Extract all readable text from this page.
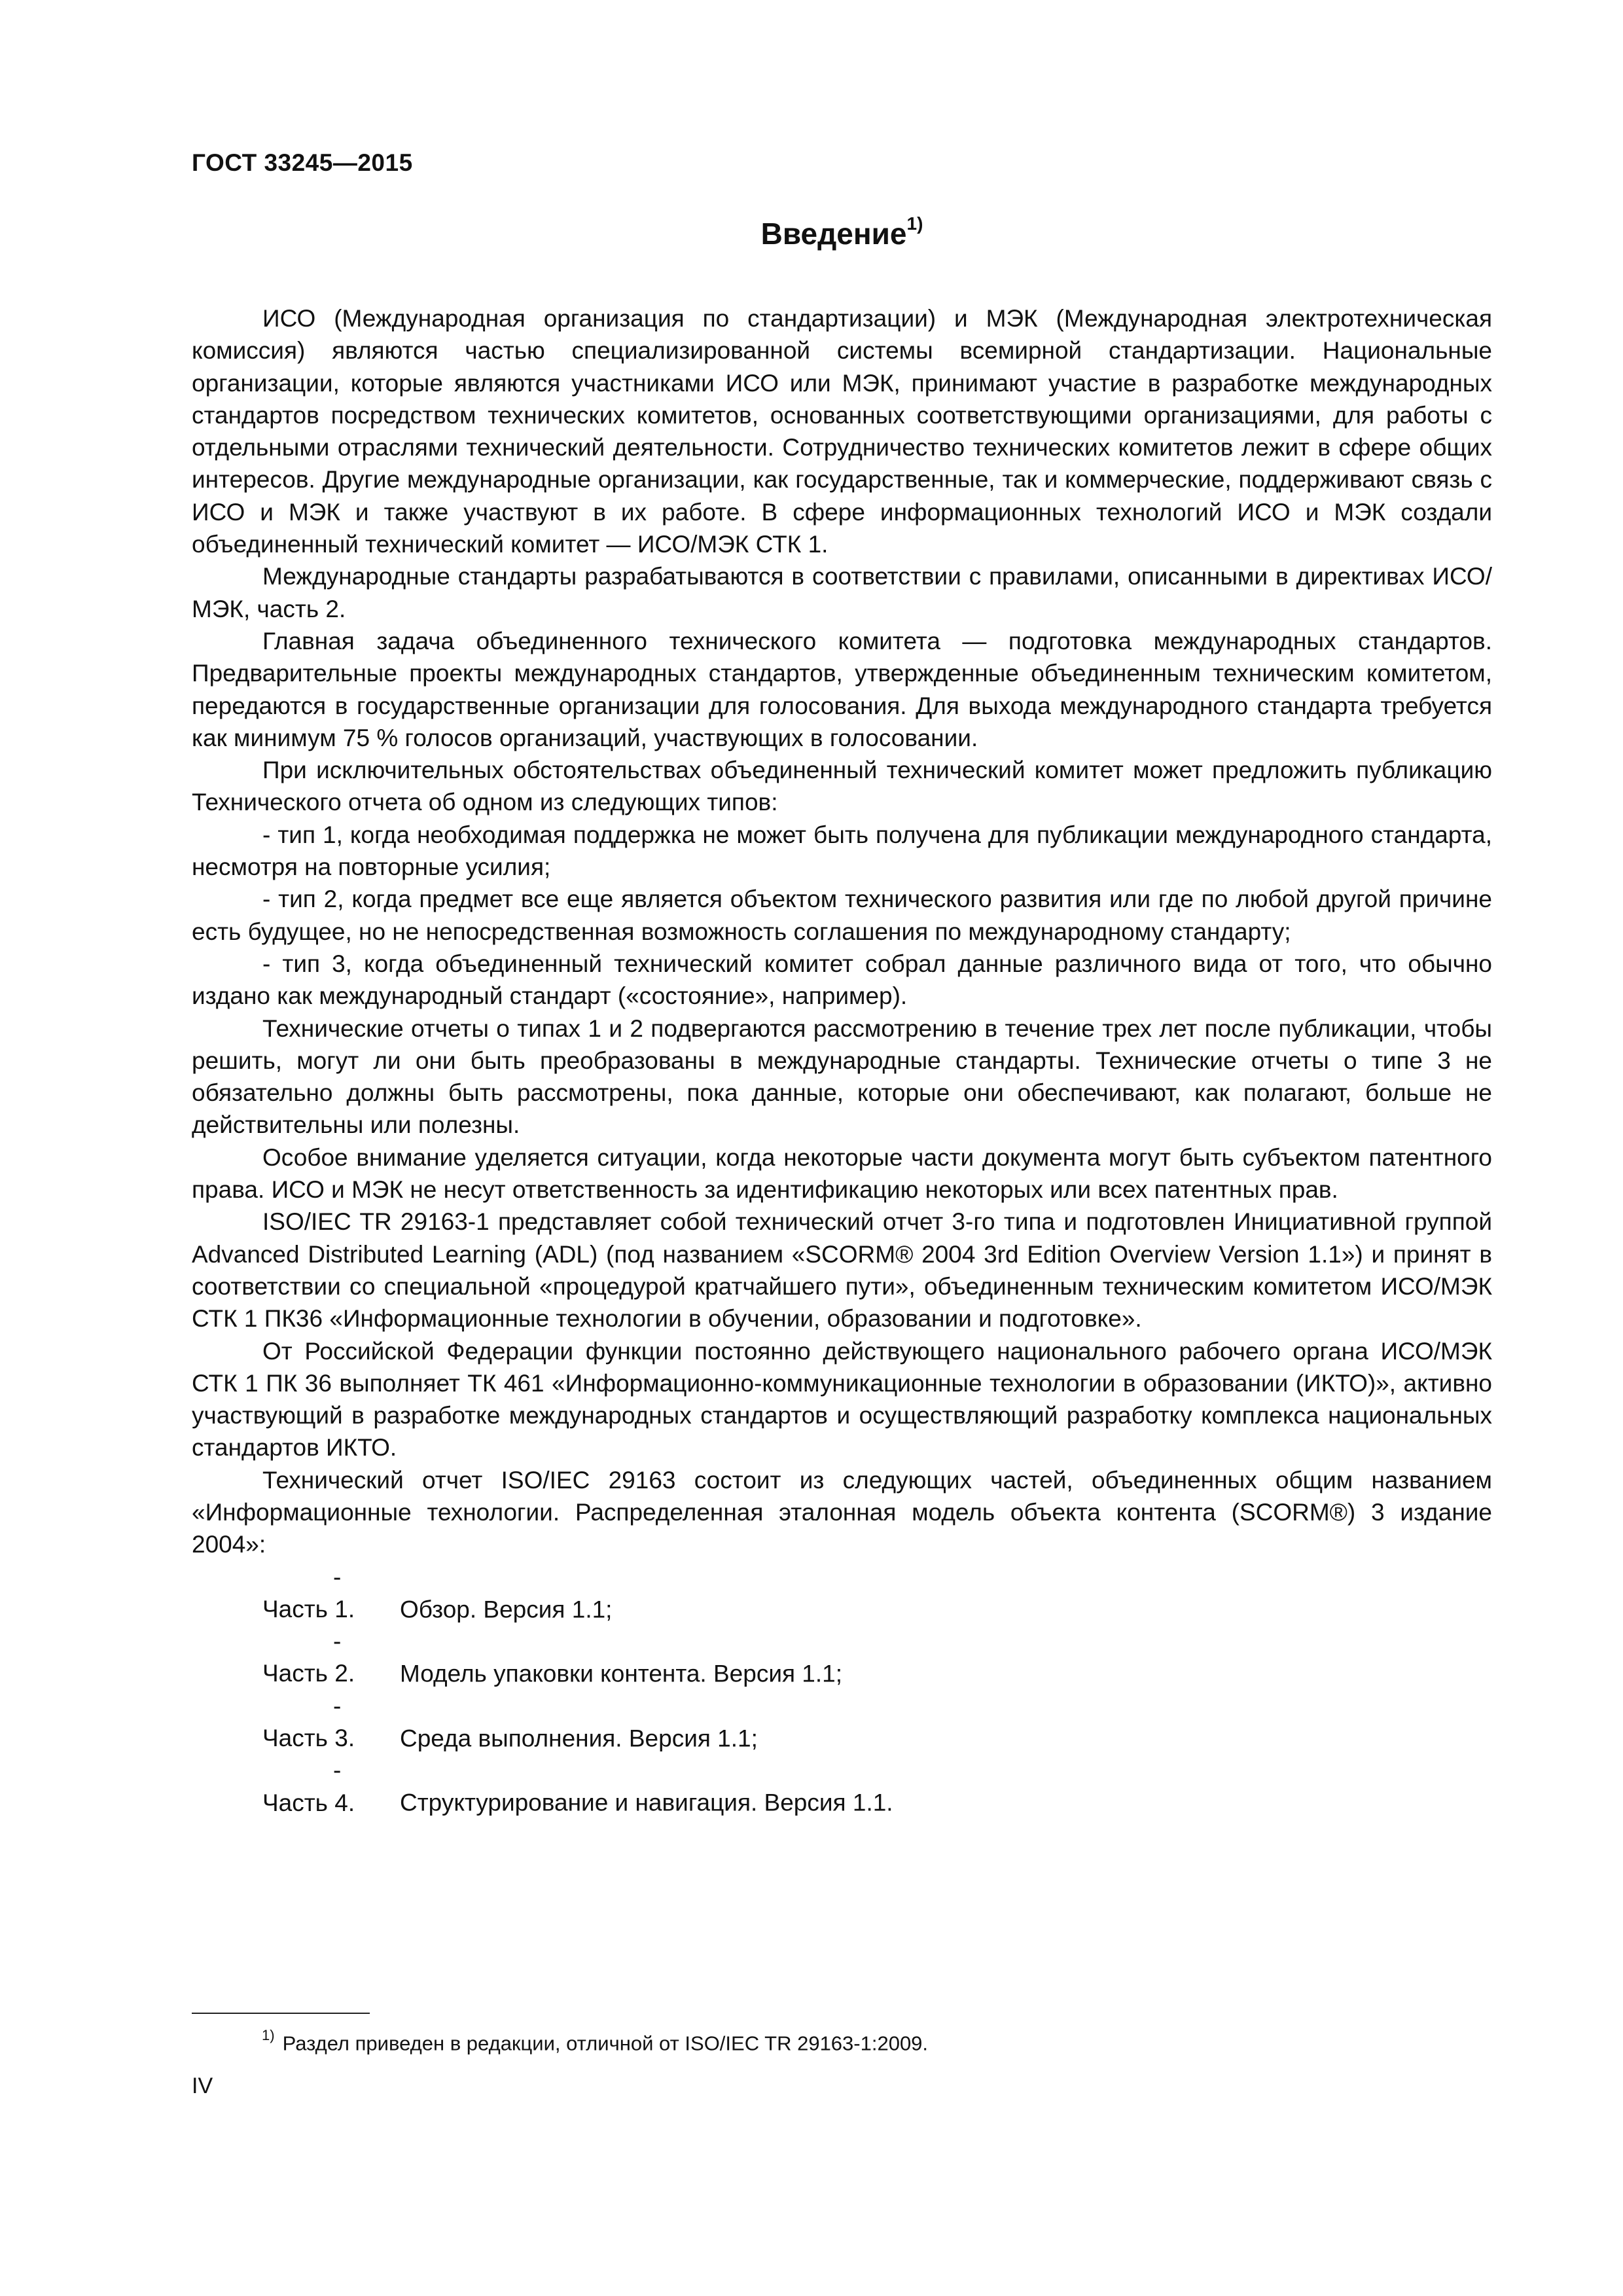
ГОСТ 33245—2015
Введение$^{1)}$

ИСО (Международная организация по стандартизации) и МЭК (Международная электротехническая комиссия) являются частью специализированной системы всемирной стандартизации. Национальные организации, которые являются участниками ИСО или МЭК, принимают участие в разработке международных стандартов посредством технических комитетов, основанных соответствующими организациями, для работы с отдельными отраслями технический деятельности. Сотрудничество технических комитетов лежит в сфере общих интересов. Другие международные организации, как государственные, так и коммерческие, поддерживают связь с ИСО и МЭК и также участвуют в их работе. В сфере информационных технологий ИСО и МЭК создали объединенный технический комитет — ИСО/МЭК СТК 1.

Международные стандарты разрабатываются в соответствии с правилами, описанными в директивах ИСО/МЭК, часть 2.

Главная задача объединенного технического комитета — подготовка международных стандартов. Предварительные проекты международных стандартов, утвержденные объединенным техническим комитетом, передаются в государственные организации для голосования. Для выхода международного стандарта требуется как минимум 75 % голосов организаций, участвующих в голосовании.

При исключительных обстоятельствах объединенный технический комитет может предложить публикацию Технического отчета об одном из следующих типов:

- тип 1, когда необходимая поддержка не может быть получена для публикации международного стандарта, несмотря на повторные усилия;

- тип 2, когда предмет все еще является объектом технического развития или где по любой другой причине есть будущее, но не непосредственная возможность соглашения по международному стандарту;

- тип 3, когда объединенный технический комитет собрал данные различного вида от того, что обычно издано как международный стандарт («состояние», например).

Технические отчеты о типах 1 и 2 подвергаются рассмотрению в течение трех лет после публикации, чтобы решить, могут ли они быть преобразованы в международные стандарты. Технические отчеты о типе 3 не обязательно должны быть рассмотрены, пока данные, которые они обеспечивают, как полагают, больше не действительны или полезны.

Особое внимание уделяется ситуации, когда некоторые части документа могут быть субъектом патентного права. ИСО и МЭК не несут ответственность за идентификацию некоторых или всех патентных прав.

ISO/IEC TR 29163-1 представляет собой технический отчет 3-го типа и подготовлен Инициативной группой Advanced Distributed Learning (ADL) (под названием «SCORM® 2004 3rd Edition Overview Version 1.1») и принят в соответствии со специальной «процедурой кратчайшего пути», объединенным техническим комитетом ИСО/МЭК СТК 1 ПК36 «Информационные технологии в обучении, образовании и подготовке».

От Российской Федерации функции постоянно действующего национального рабочего органа ИСО/МЭК СТК 1 ПК 36 выполняет ТК 461 «Информационно-коммуникационные технологии в образовании (ИКТО)», активно участвующий в разработке международных стандартов и осуществляющий разработку комплекса национальных стандартов ИКТО.

Технический отчет ISO/IEC 29163 состоит из следующих частей, объединенных общим названием «Информационные технологии. Распределенная эталонная модель объекта контента (SCORM®) 3 издание 2004»:

- Часть 1. Обзор. Версия 1.1;

- Часть 2. Модель упаковки контента. Версия 1.1;

- Часть 3. Среда выполнения. Версия 1.1;

- Часть 4. Структурирование и навигация. Версия 1.1.

$^{1)}$ Раздел приведен в редакции, отличной от ISO/IEC TR 29163-1:2009.
IV
